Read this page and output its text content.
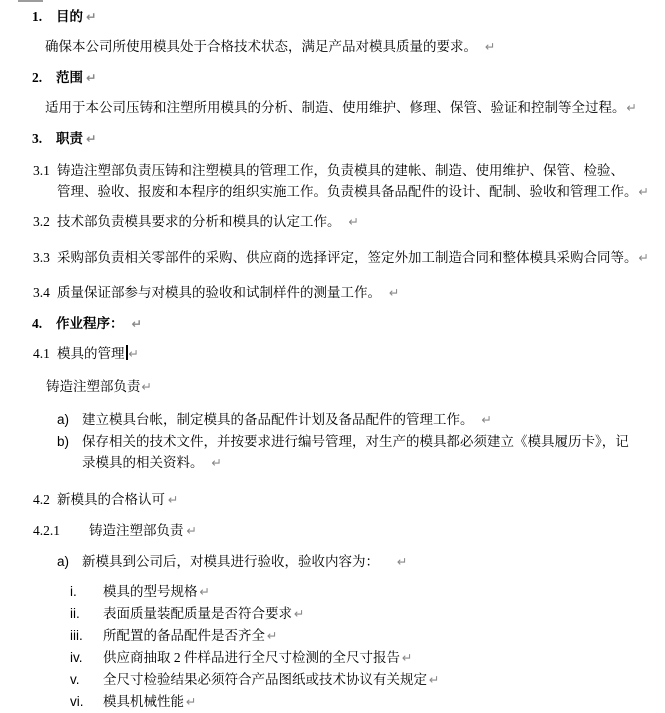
1. 目的 ↵
确保本公司所使用模具处于合格技术状态，满足产品对模具质量的要求。 ↵
2. 范围 ↵
适用于本公司压铸和注塑所用模具的分析、制造、使用维护、修理、保管、验证和控制等全过程。↵
3. 职责 ↵
3.1 铸造注塑部负责压铸和注塑模具的管理工作，负责模具的建帐、制造、使用维护、保管、检验、
管理、验收、报废和本程序的组织实施工作。负责模具备品配件的设计、配制、验收和管理工作。↵
3.2 技术部负责模具要求的分析和模具的认定工作。 ↵
3.3 采购部负责相关零部件的采购、供应商的选择评定，签定外加工制造合同和整体模具采购合同等。↵
3.4 质量保证部参与对模具的验收和试制样件的测量工作。 ↵
4. 作业程序： ↵
4.1 模具的管理 ↵
铸造注塑部负责↵
a) 建立模具台帐，制定模具的备品配件计划及备品配件的管理工作。 ↵
b) 保存相关的技术文件，并按要求进行编号管理，对生产的模具都必须建立《模具履历卡》，记
录模具的相关资料。 ↵
4.2 新模具的合格认可 ↵
4.2.1 铸造注塑部负责 ↵
a) 新模具到公司后，对模具进行验收，验收内容为： ↵
i. 模具的型号规格 ↵
ii. 表面质量装配质量是否符合要求 ↵
iii. 所配置的备品配件是否齐全 ↵
iv. 供应商抽取 2 件样品进行全尺寸检测的全尺寸报告 ↵
v. 全尺寸检验结果必须符合产品图纸或技术协议有关规定 ↵
vi. 模具机械性能 ↵
